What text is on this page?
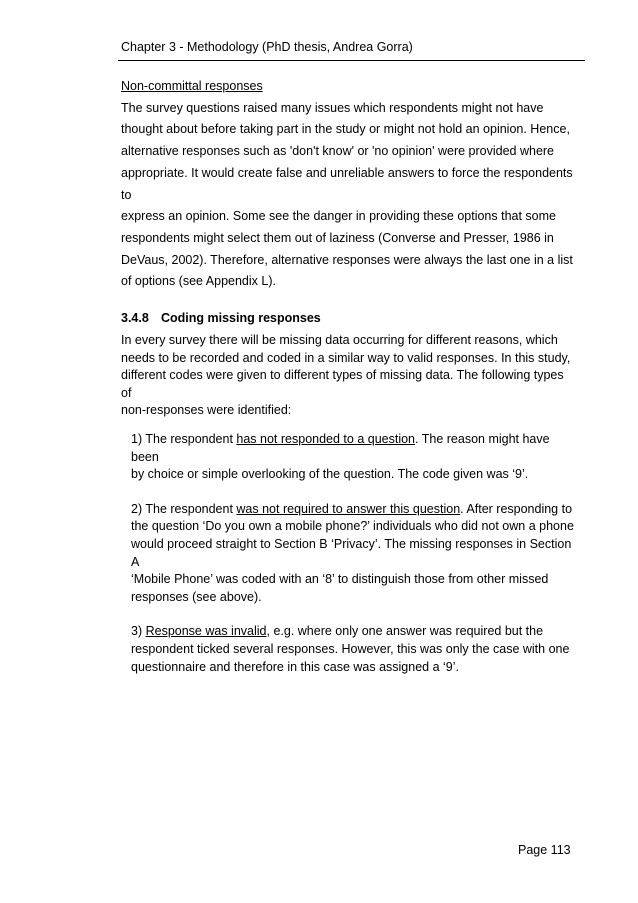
Chapter 3 - Methodology (PhD thesis, Andrea Gorra)

Non-committal responses

The survey questions raised many issues which respondents might not have
thought about before taking part in the study or might not hold an opinion. Hence,
alternative responses such as 'don't know' or 'no opinion' were provided where
appropriate. It would create false and unreliable answers to force the respondents to
express an opinion. Some see the danger in providing these options that some
respondents might select them out of laziness (Converse and Presser, 1986 in
DeVaus, 2002). Therefore, alternative responses were always the last one in a list
of options (see Appendix L).

3.4.8 Coding missing responses

In every survey there will be missing data occurring for different reasons, which
needs to be recorded and coded in a similar way to valid responses. In this study,
different codes were given to different types of missing data. The following types of
non-responses were identified:

1) The respondent has not responded to a question. The reason might have been
by choice or simple overlooking of the question. The code given was ‘9’.

2) The respondent was not required to answer this question. After responding to
the question ‘Do you own a mobile phone?’ individuals who did not own a phone
would proceed straight to Section B ‘Privacy’. The missing responses in Section A
‘Mobile Phone’ was coded with an ‘8’ to distinguish those from other missed
responses (see above).

3) Response was invalid, e.g. where only one answer was required but the
respondent ticked several responses. However, this was only the case with one
questionnaire and therefore in this case was assigned a ‘9’.

Page 113
